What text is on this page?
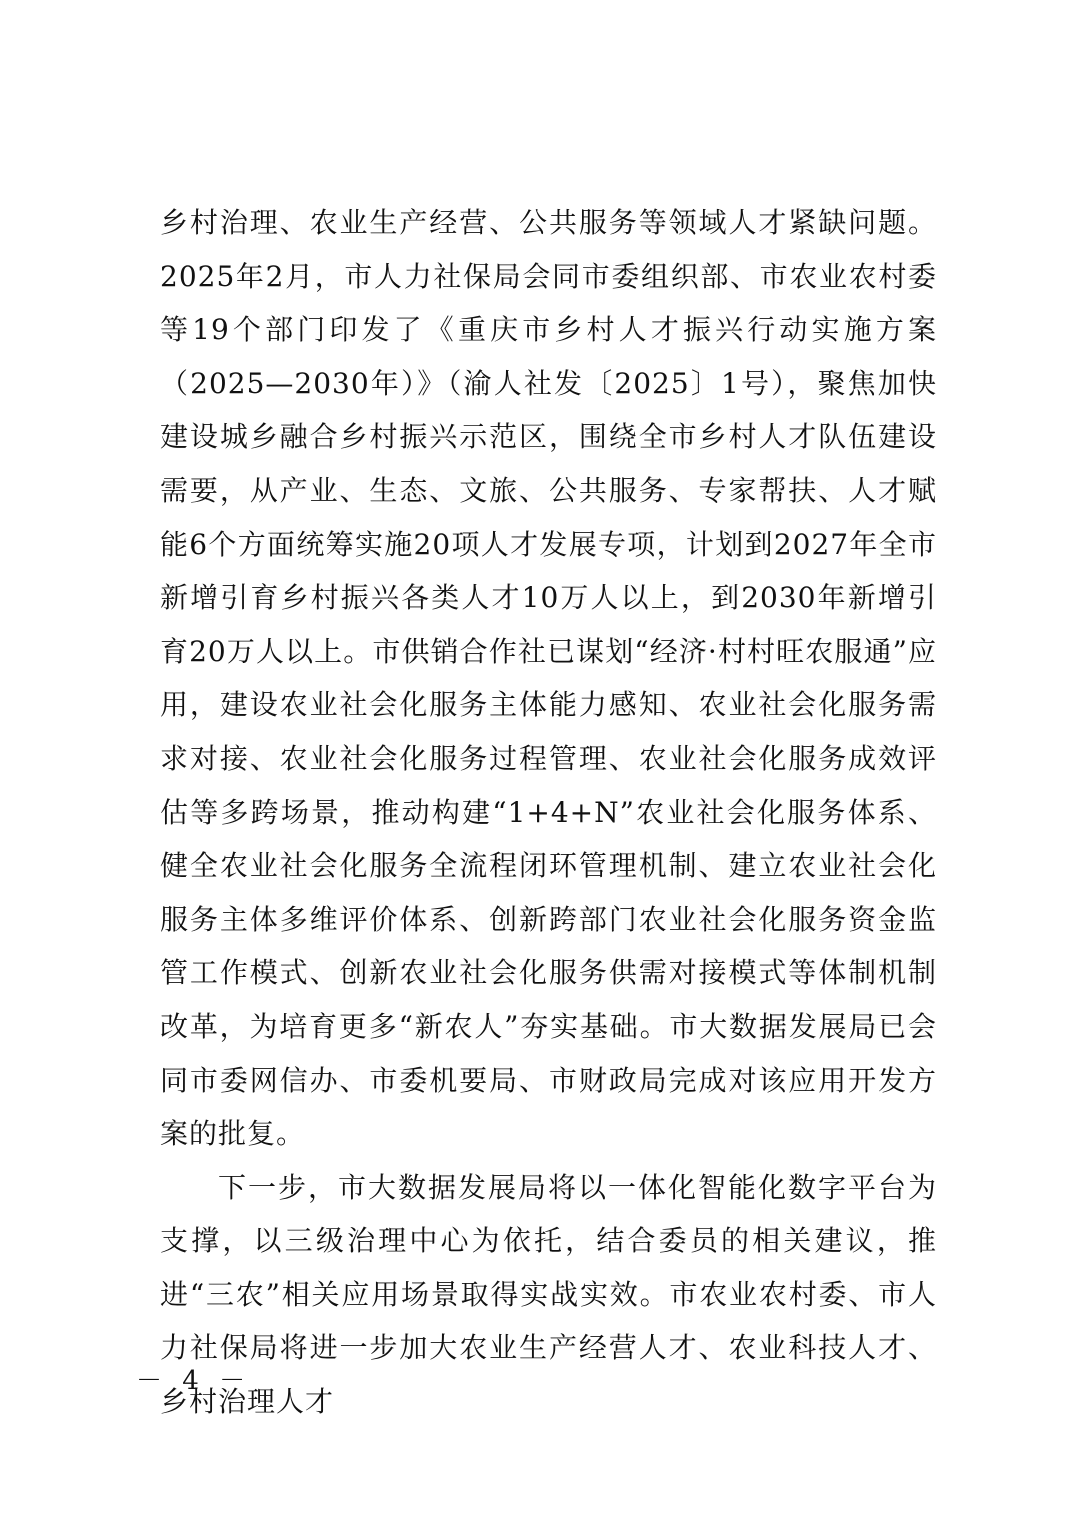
乡村治理、农业生产经营、公共服务等领域人才紧缺问题。2025年2月，市人力社保局会同市委组织部、市农业农村委等19个部门印发了《重庆市乡村人才振兴行动实施方案（2025—2030年）》（渝人社发〔2025〕1号），聚焦加快建设城乡融合乡村振兴示范区，围绕全市乡村人才队伍建设需要，从产业、生态、文旅、公共服务、专家帮扶、人才赋能6个方面统筹实施20项人才发展专项，计划到2027年全市新增引育乡村振兴各类人才10万人以上，到2030年新增引育20万人以上。市供销合作社已谋划“经济·村村旺农服通”应用，建设农业社会化服务主体能力感知、农业社会化服务需求对接、农业社会化服务过程管理、农业社会化服务成效评估等多跨场景，推动构建“1+4+N”农业社会化服务体系、健全农业社会化服务全流程闭环管理机制、建立农业社会化服务主体多维评价体系、创新跨部门农业社会化服务资金监管工作模式、创新农业社会化服务供需对接模式等体制机制改革，为培育更多“新农人”夯实基础。市大数据发展局已会同市委网信办、市委机要局、市财政局完成对该应用开发方案的批复。

下一步，市大数据发展局将以一体化智能化数字平台为支撑，以三级治理中心为依托，结合委员的相关建议，推进“三农”相关应用场景取得实战实效。市农业农村委、市人力社保局将进一步加大农业生产经营人才、农业科技人才、乡村治理人才

－ 4 －
